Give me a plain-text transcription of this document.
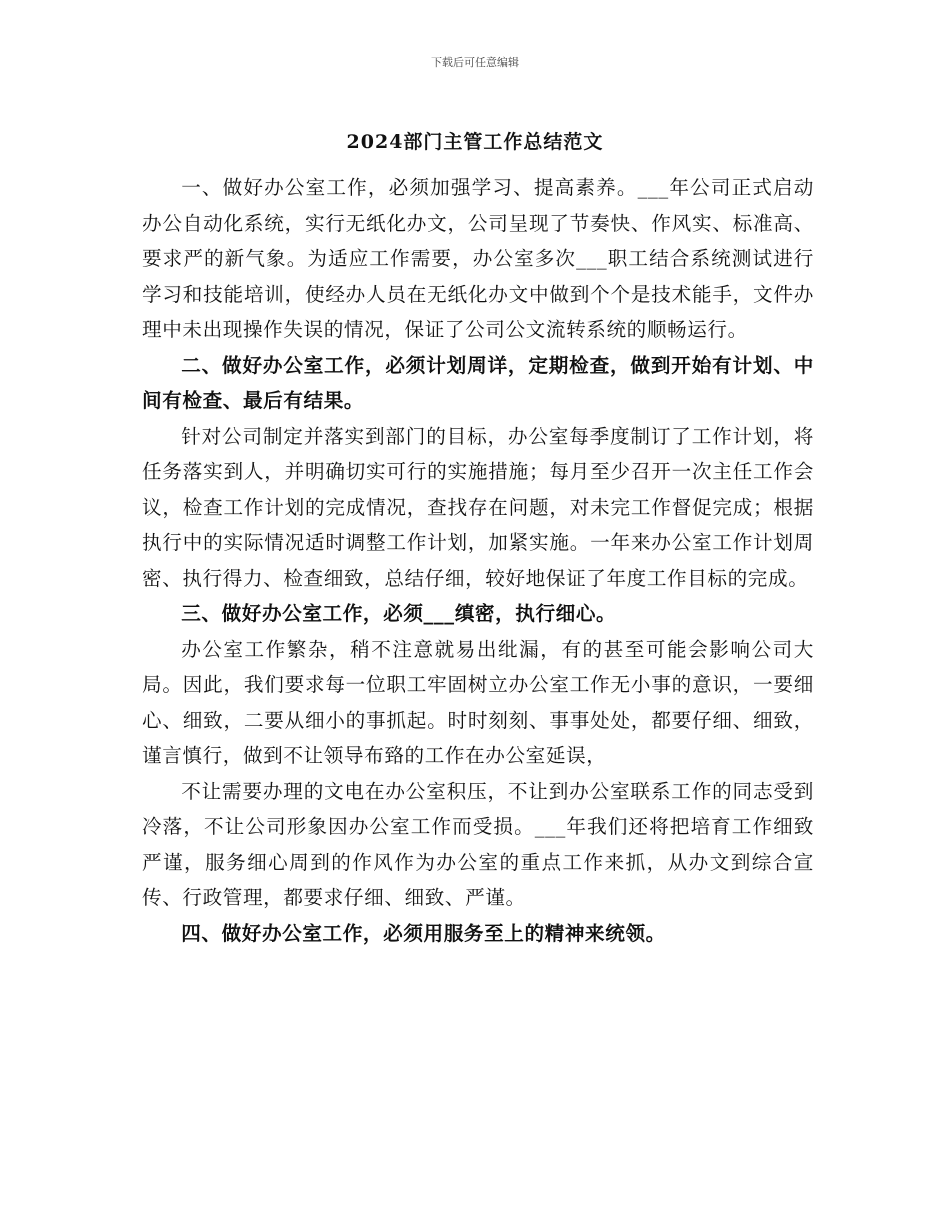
下载后可任意编辑
2024部门主管工作总结范文

一、做好办公室工作，必须加强学习、提高素养。___年公司正式启动办公自动化系统，实行无纸化办文，公司呈现了节奏快、作风实、标准高、要求严的新气象。为适应工作需要，办公室多次___职工结合系统测试进行学习和技能培训，使经办人员在无纸化办文中做到个个是技术能手，文件办理中未出现操作失误的情况，保证了公司公文流转系统的顺畅运行。

二、做好办公室工作，必须计划周详，定期检查，做到开始有计划、中间有检查、最后有结果。

针对公司制定并落实到部门的目标，办公室每季度制订了工作计划，将任务落实到人，并明确切实可行的实施措施；每月至少召开一次主任工作会议，检查工作计划的完成情况，查找存在问题，对未完工作督促完成；根据执行中的实际情况适时调整工作计划，加紧实施。一年来办公室工作计划周密、执行得力、检查细致，总结仔细，较好地保证了年度工作目标的完成。

三、做好办公室工作，必须___缜密，执行细心。

办公室工作繁杂，稍不注意就易出纰漏，有的甚至可能会影响公司大局。因此，我们要求每一位职工牢固树立办公室工作无小事的意识，一要细心、细致，二要从细小的事抓起。时时刻刻、事事处处，都要仔细、细致，谨言慎行，做到不让领导布臵的工作在办公室延误，

不让需要办理的文电在办公室积压，不让到办公室联系工作的同志受到冷落，不让公司形象因办公室工作而受损。___年我们还将把培育工作细致严谨，服务细心周到的作风作为办公室的重点工作来抓，从办文到综合宣传、行政管理，都要求仔细、细致、严谨。

四、做好办公室工作，必须用服务至上的精神来统领。
